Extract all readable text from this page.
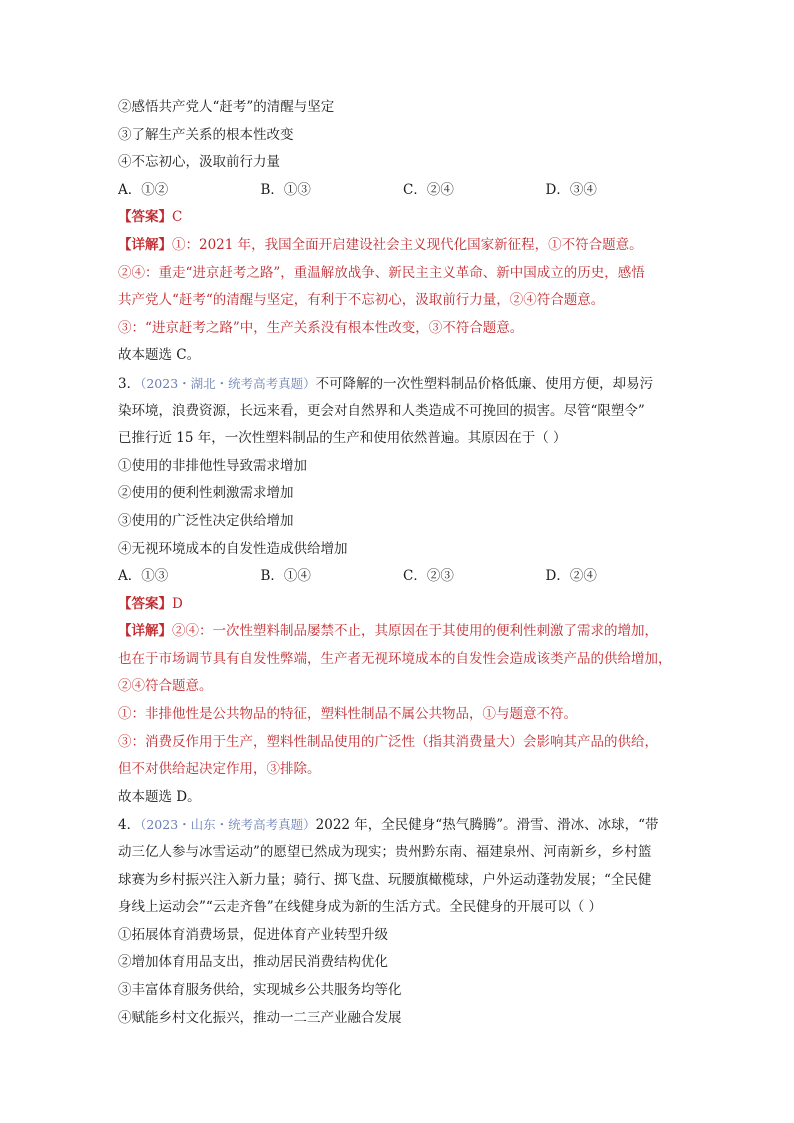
②感悟共产党人“赶考”的清醒与坚定
③了解生产关系的根本性改变
④不忘初心，汲取前行力量
A．①②	B．①③	C．②④	D．③④
【答案】C
【详解】①：2021 年，我国全面开启建设社会主义现代化国家新征程，①不符合题意。
②④：重走“进京赶考之路”，重温解放战争、新民主主义革命、新中国成立的历史，感悟
共产党人“赶考“的清醒与坚定，有利于不忘初心，汲取前行力量，②④符合题意。
③：“进京赶考之路”中，生产关系没有根本性改变，③不符合题意。
故本题选 C。
3．（2023・湖北・统考高考真题）不可降解的一次性塑料制品价格低廉、使用方便，却易污
染环境，浪费资源，长远来看，更会对自然界和人类造成不可挽回的损害。尽管“限塑令”
已推行近 15 年，一次性塑料制品的生产和使用依然普遍。其原因在于（ ）
①使用的非排他性导致需求增加
②使用的便利性刺激需求增加
③使用的广泛性决定供给增加
④无视环境成本的自发性造成供给增加
A．①③	B．①④	C．②③	D．②④
【答案】D
【详解】②④：一次性塑料制品屡禁不止，其原因在于其使用的便利性刺激了需求的增加，
也在于市场调节具有自发性弊端，生产者无视环境成本的自发性会造成该类产品的供给增加，
②④符合题意。
①：非排他性是公共物品的特征，塑料性制品不属公共物品，①与题意不符。
③：消费反作用于生产，塑料性制品使用的广泛性（指其消费量大）会影响其产品的供给，
但不对供给起决定作用，③排除。
故本题选 D。
4．（2023・山东・统考高考真题）2022 年，全民健身“热气腾腾”。滑雪、滑冰、冰球，“带
动三亿人参与冰雪运动”的愿望已然成为现实；贵州黔东南、福建泉州、河南新乡，乡村篮
球赛为乡村振兴注入新力量；骑行、掷飞盘、玩腰旗橄榄球，户外运动蓬勃发展；“全民健
身线上运动会”“云走齐鲁”在线健身成为新的生活方式。全民健身的开展可以（ ）
①拓展体育消费场景，促进体育产业转型升级
②增加体育用品支出，推动居民消费结构优化
③丰富体育服务供给，实现城乡公共服务均等化
④赋能乡村文化振兴，推动一二三产业融合发展
